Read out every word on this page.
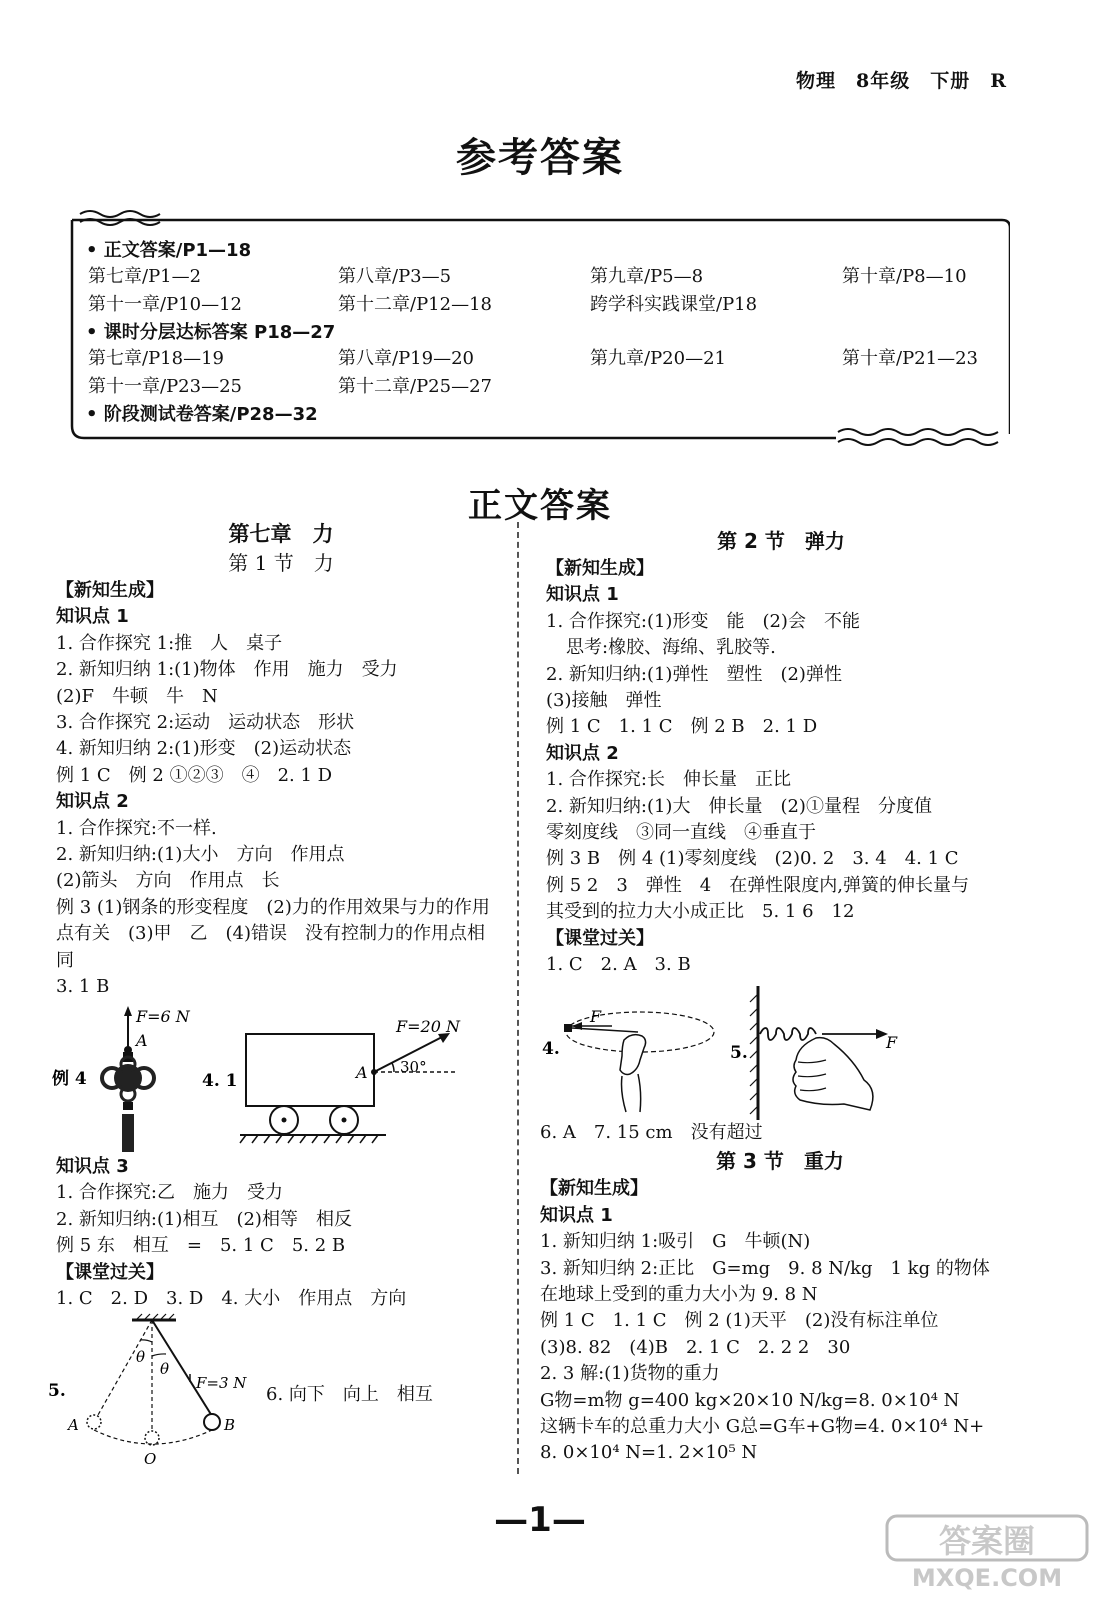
物理　8年级　下册　R
参考答案
• 正文答案/P1—18
第七章/P1—2	第八章/P3—5	第九章/P5—8	第十章/P8—10
第十一章/P10—12	第十二章/P12—18	跨学科实践课堂/P18
• 课时分层达标答案 P18—27
第七章/P18—19	第八章/P19—20	第九章/P20—21	第十章/P21—23
第十一章/P23—25	第十二章/P25—27
• 阶段测试卷答案/P28—32
正文答案
第七章　力
第 1 节　力
【新知生成】
知识点 1
1. 合作探究 1:推　人　桌子
2. 新知归纳 1:(1)物体　作用　施力　受力
(2)F　牛顿　牛　N
3. 合作探究 2:运动　运动状态　形状
4. 新知归纳 2:(1)形变　(2)运动状态
例 1 C　例 2 ①②③　④　2. 1 D
知识点 2
1. 合作探究:不一样.
2. 新知归纳:(1)大小　方向　作用点
(2)箭头　方向　作用点　长
例 3 (1)钢条的形变程度　(2)力的作用效果与力的作用
点有关　(3)甲　乙　(4)错误　没有控制力的作用点相
同
3. 1 B
例 4
F=6 N
A
4. 1	A 30°
F=20 N
知识点 3
1. 合作探究:乙　施力　受力
2. 新知归纳:(1)相互　(2)相等　相反
例 5 东　相互　=　5. 1 C　5. 2 B
【课堂过关】
1. C　2. D　3. D　4. 大小　作用点　方向
5.
θ
θ
F=3 N
A	B
O
6. 向下　向上　相互
第 2 节　弹力
【新知生成】
知识点 1
1. 合作探究:(1)形变　能　(2)会　不能
思考:橡胶、海绵、乳胶等.
2. 新知归纳:(1)弹性　塑性　(2)弹性
(3)接触　弹性
例 1 C　1. 1 C　例 2 B　2. 1 D
知识点 2
1. 合作探究:长　伸长量　正比
2. 新知归纳:(1)大　伸长量　(2)①量程　分度值
零刻度线　③同一直线　④垂直于
例 3 B　例 4 (1)零刻度线　(2)0. 2　3. 4　4. 1 C
例 5 2　3　弹性　4　在弹性限度内,弹簧的伸长量与
其受到的拉力大小成正比　5. 1 6　12
【课堂过关】
1. C　2. A　3. B
4.
F
5.
F
6. A　7. 15 cm　没有超过
第 3 节　重力
【新知生成】
知识点 1
1. 新知归纳 1:吸引　G　牛顿(N)
3. 新知归纳 2:正比　G=mg　9. 8 N/kg　1 kg 的物体
在地球上受到的重力大小为 9. 8 N
例 1 C　1. 1 C　例 2 (1)天平　(2)没有标注单位
(3)8. 82　(4)B　2. 1 C　2. 2 2　30
2. 3 解:(1)货物的重力
G物=m物 g=400 kg×20×10 N/kg=8. 0×10⁴ N
这辆卡车的总重力大小 G总=G车+G物=4. 0×10⁴ N+
8. 0×10⁴ N=1. 2×10⁵ N
—1—
答案圈
MXQE.COM
